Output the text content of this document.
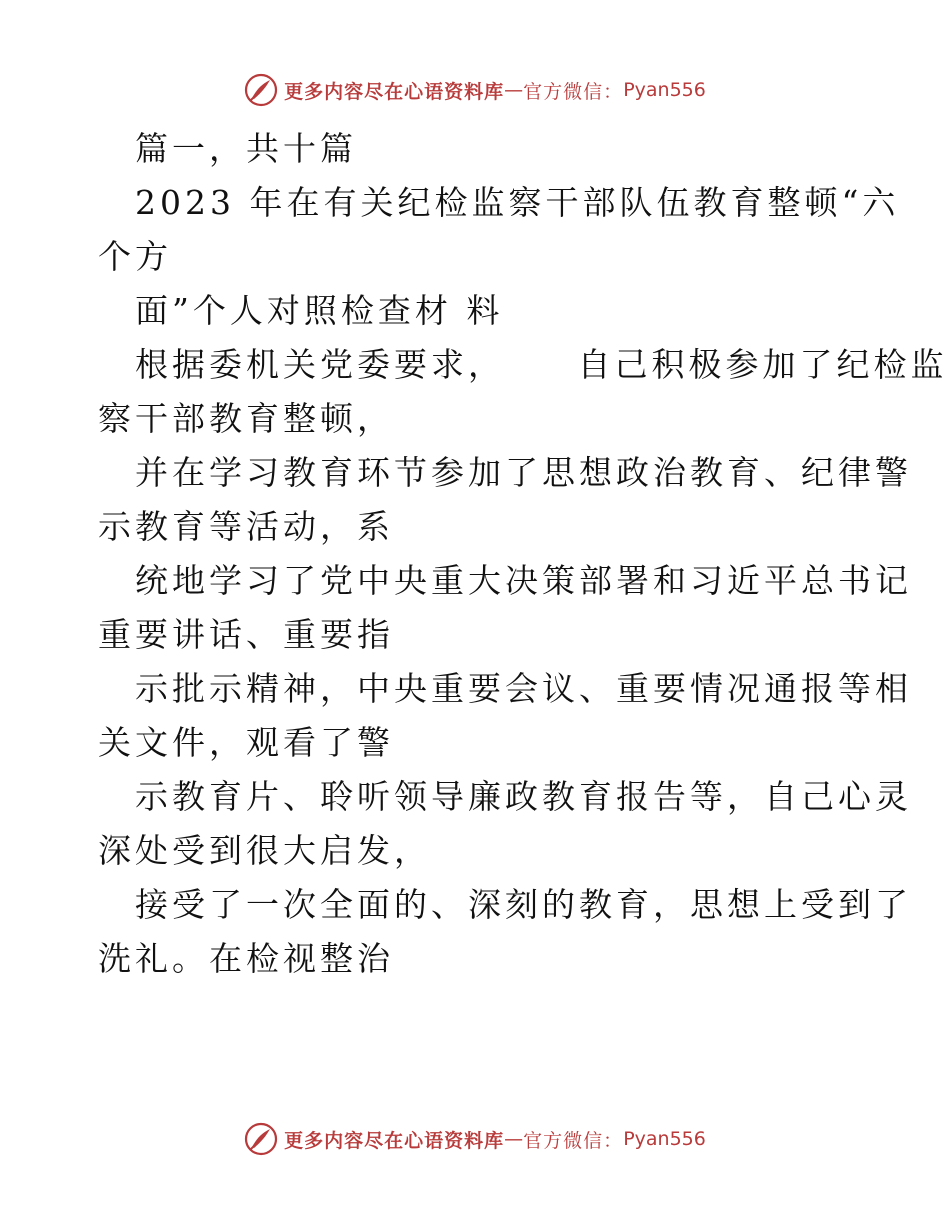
更多内容尽在心语资料库 — 官方微信： Pyan556
篇一，共十篇
2023 年在有关纪检监察干部队伍教育整顿“六
个方
面”个人对照检查材 料
根据委机关党委要求，     自己积极参加了纪检监
察干部教育整顿，
并在学习教育环节参加了思想政治教育、纪律警
示教育等活动，系
统地学习了党中央重大决策部署和习近平总书记
重要讲话、重要指
示批示精神，中央重要会议、重要情况通报等相
关文件，观看了警
示教育片、聆听领导廉政教育报告等，自己心灵
深处受到很大启发，
接受了一次全面的、深刻的教育，思想上受到了
洗礼。在检视整治
更多内容尽在心语资料库 — 官方微信： Pyan556
